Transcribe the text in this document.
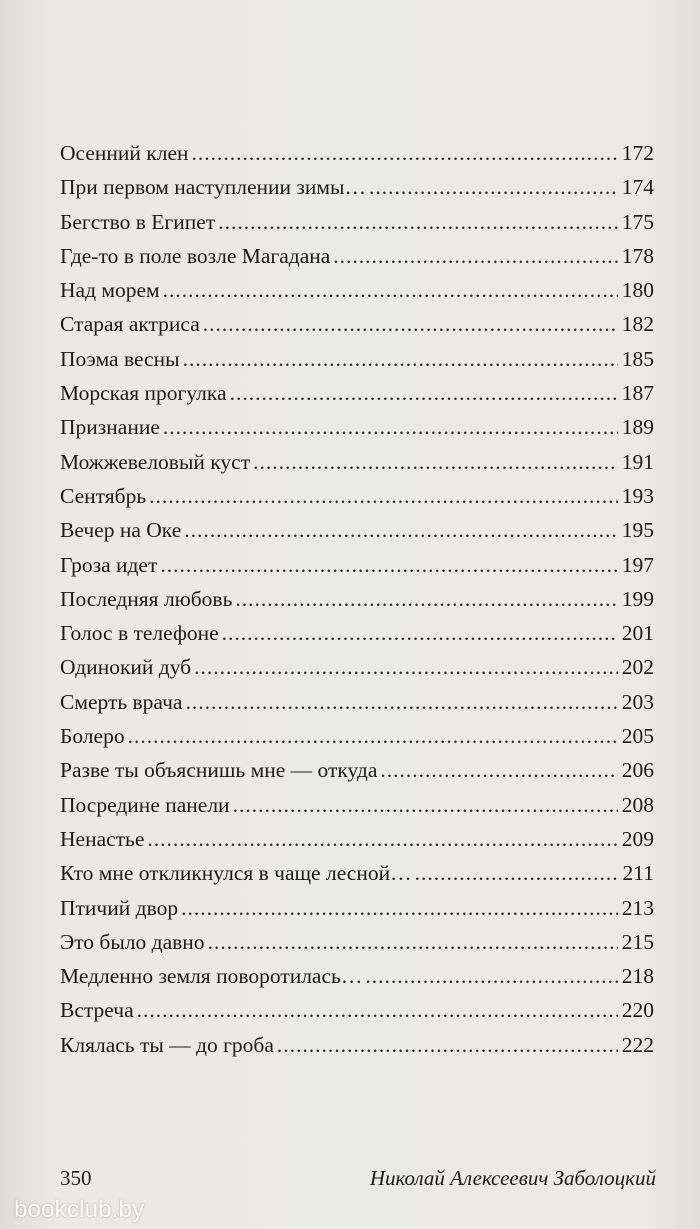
Осенний клен .....	172
При первом наступлении зимы… .....	174
Бегство в Египет .....	175
Где-то в поле возле Магадана .....	178
Над морем .....	180
Старая актриса .....	182
Поэма весны .....	185
Морская прогулка .....	187
Признание .....	189
Можжевеловый куст .....	191
Сентябрь .....	193
Вечер на Оке .....	195
Гроза идет .....	197
Последняя любовь .....	199
Голос в телефоне .....	201
Одинокий дуб .....	202
Смерть врача .....	203
Болеро .....	205
Разве ты объяснишь мне — откуда .....	206
Посредине панели .....	208
Ненастье .....	209
Кто мне откликнулся в чаще лесной… .....	211
Птичий двор .....	213
Это было давно .....	215
Медленно земля поворотилась… .....	218
Встреча .....	220
Клялась ты — до гроба .....	222
350	Николай Алексеевич Заболоцкий
bookclub.by
